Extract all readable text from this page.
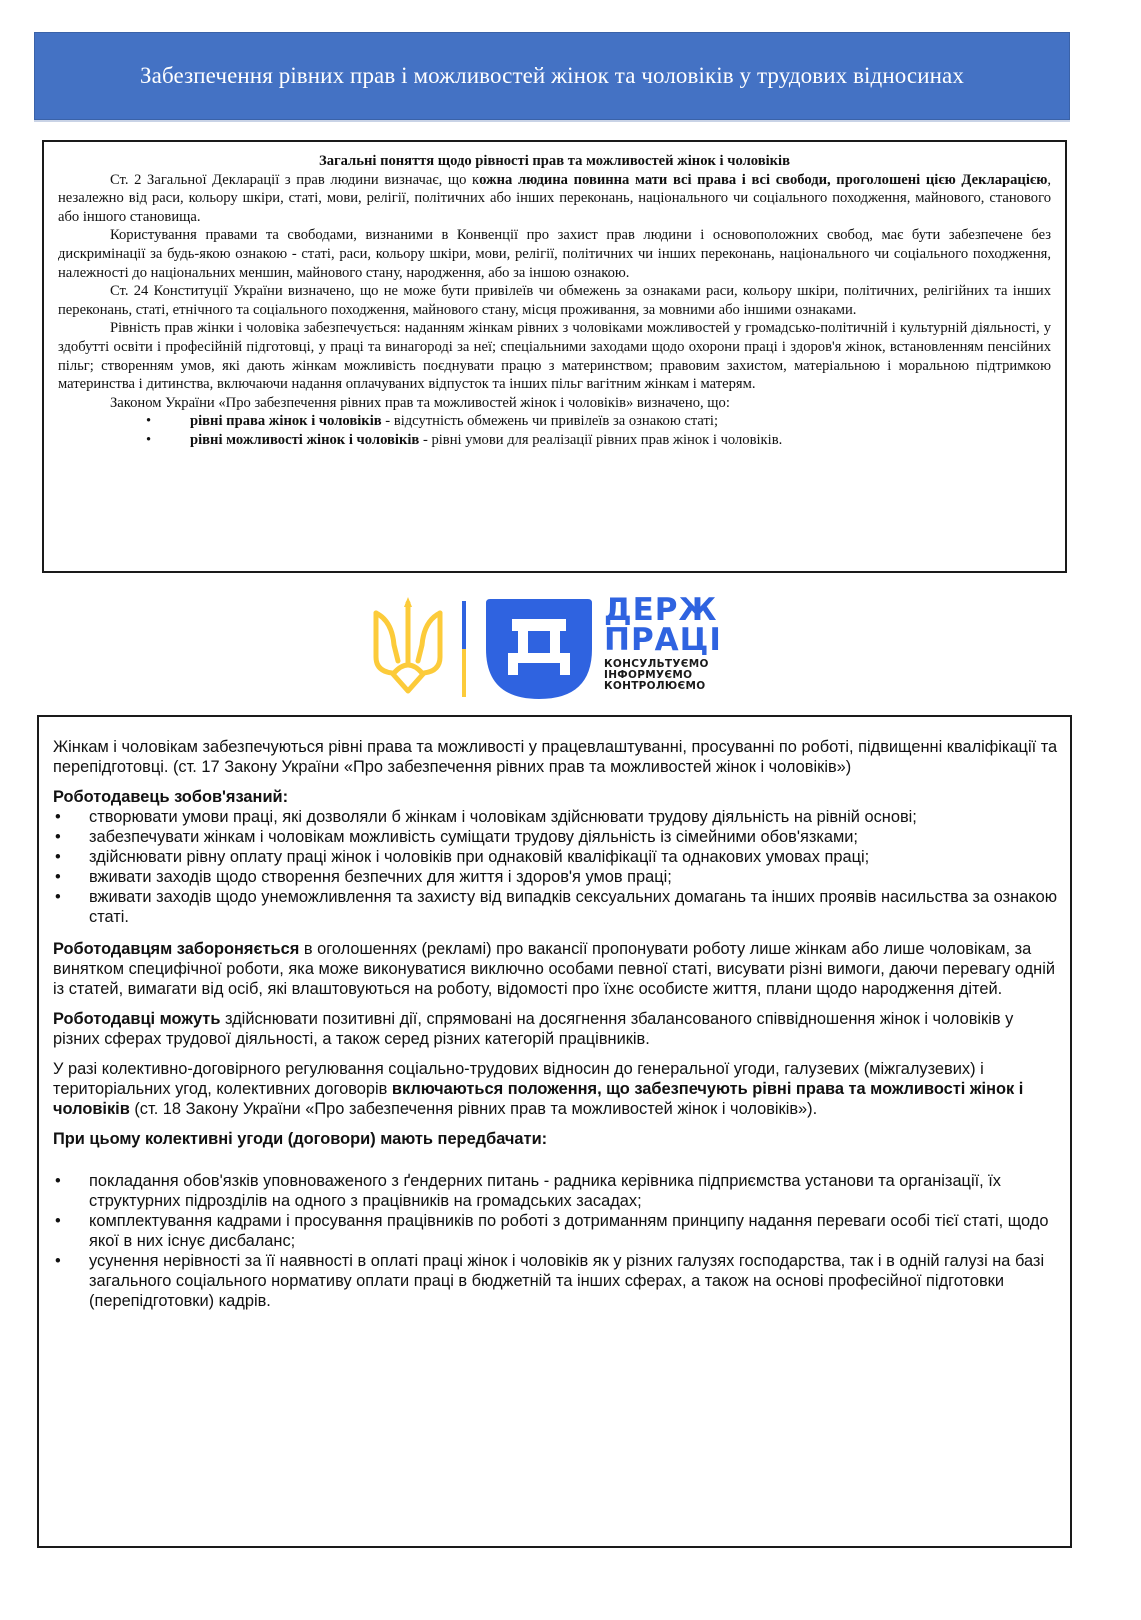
Забезпечення рівних прав і можливостей жінок та чоловіків у трудових відносинах

Загальні поняття щодо рівності прав та можливостей жінок і чоловіків

Ст. 2 Загальної Декларації з прав людини визначає, що кожна людина повинна мати всі права і всі свободи, проголошені цією Декларацією, незалежно від раси, кольору шкіри, статі, мови, релігії, політичних або інших переконань, національного чи соціального походження, майнового, станового або іншого становища.

Користування правами та свободами, визнаними в Конвенції про захист прав людини і основоположних свобод, має бути забезпечене без дискримінації за будь-якою ознакою - статі, раси, кольору шкіри, мови, релігії, політичних чи інших переконань, національного чи соціального походження, належності до національних меншин, майнового стану, народження, або за іншою ознакою.

Ст. 24 Конституції України визначено, що не може бути привілеїв чи обмежень за ознаками раси, кольору шкіри, політичних, релігійних та інших переконань, статі, етнічного та соціального походження, майнового стану, місця проживання, за мовними або іншими ознаками.

Рівність прав жінки і чоловіка забезпечується: наданням жінкам рівних з чоловіками можливостей у громадсько-політичній і культурній діяльності, у здобутті освіти і професійній підготовці, у праці та винагороді за неї; спеціальними заходами щодо охорони праці і здоров'я жінок, встановленням пенсійних пільг; створенням умов, які дають жінкам можливість поєднувати працю з материнством; правовим захистом, матеріальною і моральною підтримкою материнства і дитинства, включаючи надання оплачуваних відпусток та інших пільг вагітним жінкам і матерям.

Законом України «Про забезпечення рівних прав та можливостей жінок і чоловіків» визначено, що:

•	рівні права жінок і чоловіків - відсутність обмежень чи привілеїв за ознакою статі;
•	рівні можливості жінок і чоловіків - рівні умови для реалізації рівних прав жінок і чоловіків.
ДЕРЖ
ПРАЦІ
КОНСУЛЬТУЄМО
ІНФОРМУЄМО
КОНТРОЛЮЄМО

Жінкам і чоловікам забезпечуються рівні права та можливості у працевлаштуванні, просуванні по роботі, підвищенні кваліфікації та перепідготовці. (ст. 17 Закону України «Про забезпечення рівних прав та можливостей жінок і чоловіків»)

Роботодавець зобов'язаний:

• створювати умови праці, які дозволяли б жінкам і чоловікам здійснювати трудову діяльність на рівній основі;
• забезпечувати жінкам і чоловікам можливість суміщати трудову діяльність із сімейними обов'язками;
• здійснювати рівну оплату праці жінок і чоловіків при однаковій кваліфікації та однакових умовах праці;
• вживати заходів щодо створення безпечних для життя і здоров'я умов праці;
• вживати заходів щодо унеможливлення та захисту від випадків сексуальних домагань та інших проявів насильства за ознакою статі.

Роботодавцям забороняється в оголошеннях (рекламі) про вакансії пропонувати роботу лише жінкам або лише чоловікам, за винятком специфічної роботи, яка може виконуватися виключно особами певної статі, висувати різні вимоги, даючи перевагу одній із статей, вимагати від осіб, які влаштовуються на роботу, відомості про їхнє особисте життя, плани щодо народження дітей.

Роботодавці можуть здійснювати позитивні дії, спрямовані на досягнення збалансованого співвідношення жінок і чоловіків у різних сферах трудової діяльності, а також серед різних категорій працівників.

У разі колективно-договірного регулювання соціально-трудових відносин до генеральної угоди, галузевих (міжгалузевих) і територіальних угод, колективних договорів включаються положення, що забезпечують рівні права та можливості жінок і чоловіків (ст. 18 Закону України «Про забезпечення рівних прав та можливостей жінок і чоловіків»).

При цьому колективні угоди (договори) мають передбачати:

• покладання обов'язків уповноваженого з ґендерних питань - радника керівника підприємства установи та організації, їх структурних підрозділів на одного з працівників на громадських засадах;
• комплектування кадрами і просування працівників по роботі з дотриманням принципу надання переваги особі тієї статі, щодо якої в них існує дисбаланс;
• усунення нерівності за її наявності в оплаті праці жінок і чоловіків як у різних галузях господарства, так і в одній галузі на базі загального соціального нормативу оплати праці в бюджетній та інших сферах, а також на основі професійної підготовки (перепідготовки) кадрів.
